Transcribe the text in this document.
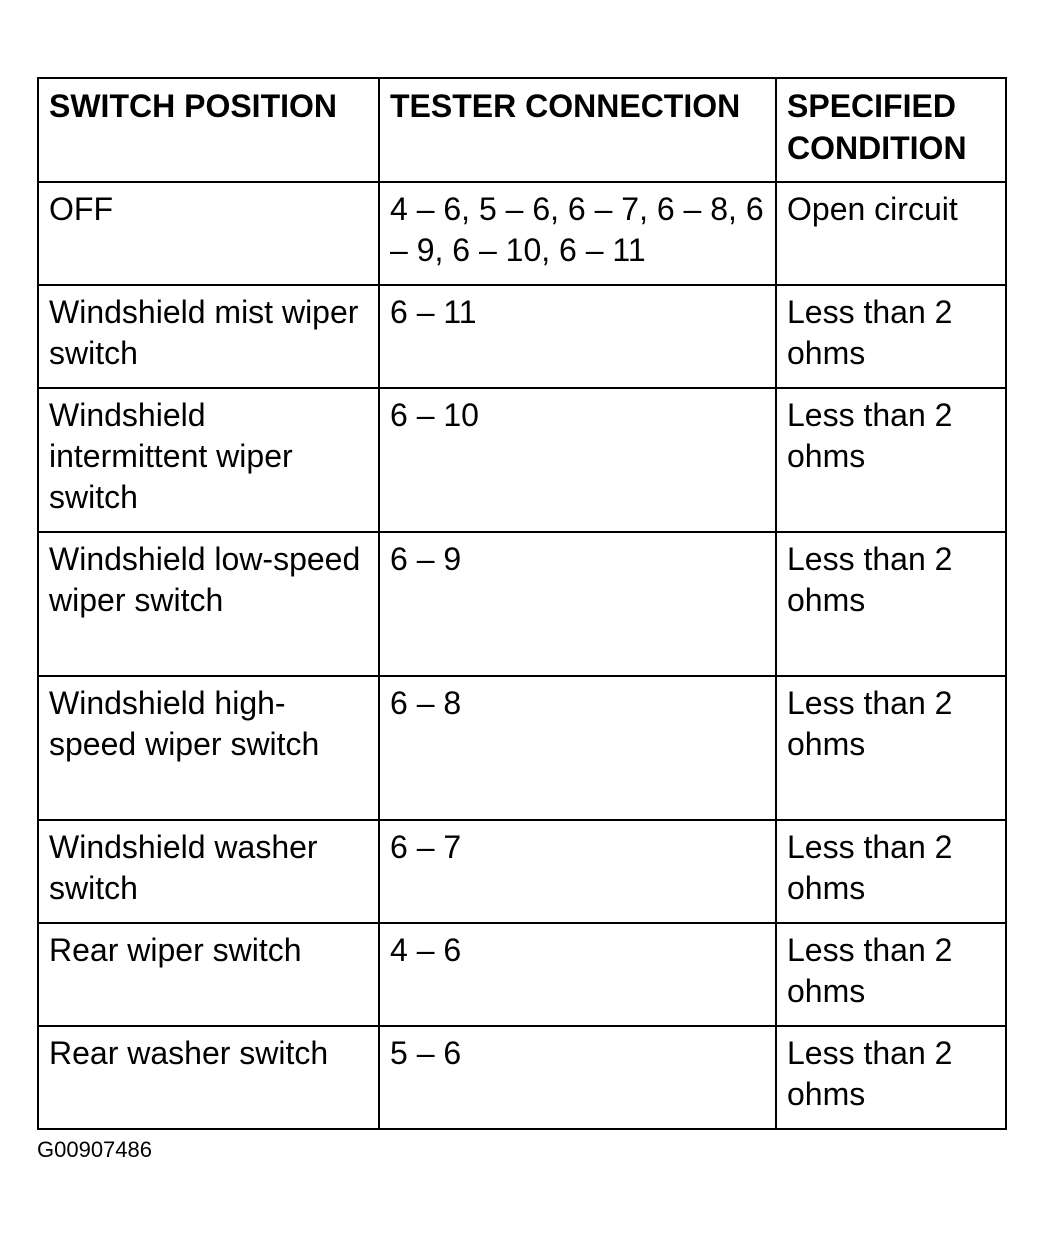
SWITCH POSITION	TESTER CONNECTION	SPECIFIED CONDITION
OFF	4 – 6, 5 – 6, 6 – 7, 6 – 8, 6 – 9, 6 – 10, 6 – 11	Open circuit
Windshield mist wiper switch	6 – 11	Less than 2 ohms
Windshield intermittent wiper switch	6 – 10	Less than 2 ohms
Windshield low-speed wiper switch	6 – 9	Less than 2 ohms
Windshield high-speed wiper switch	6 – 8	Less than 2 ohms
Windshield washer switch	6 – 7	Less than 2 ohms
Rear wiper switch	4 – 6	Less than 2 ohms
Rear washer switch	5 – 6	Less than 2 ohms
G00907486
